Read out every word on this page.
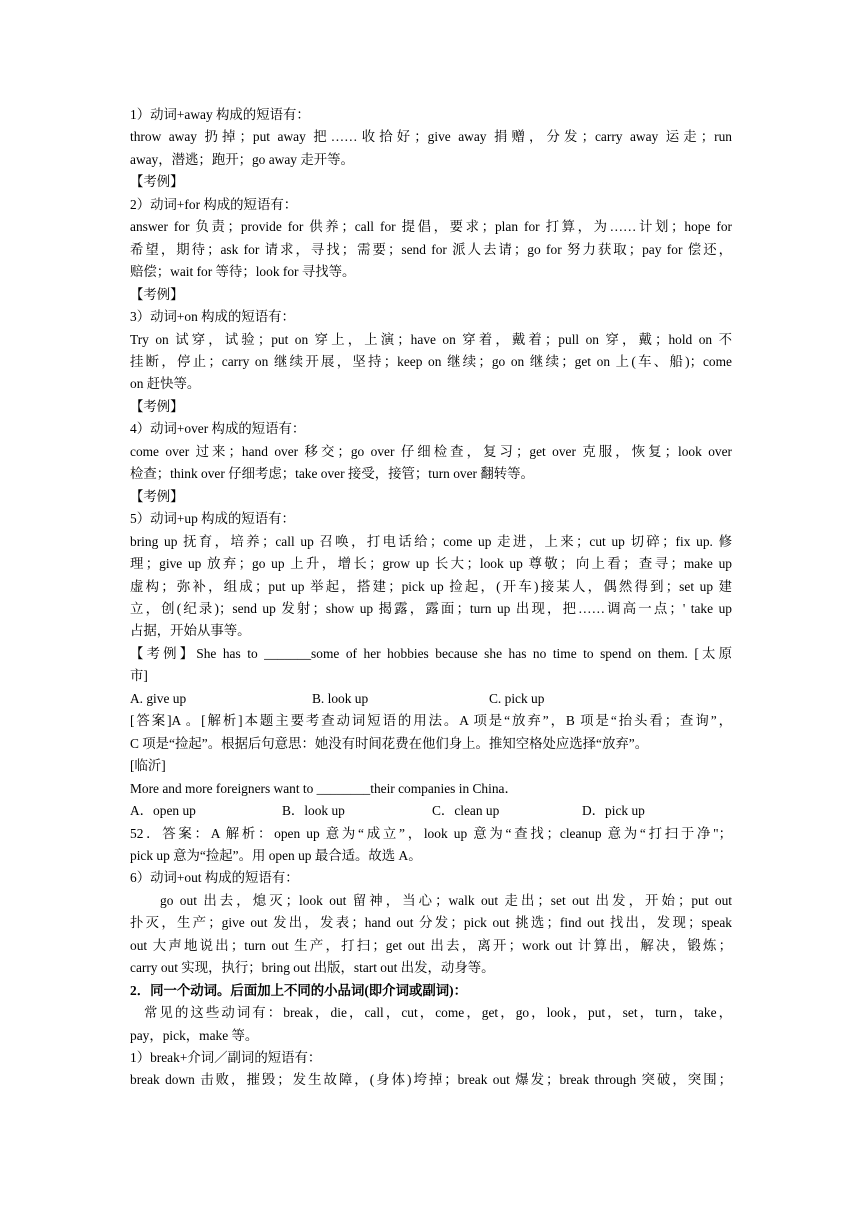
1）动词+away 构成的短语有：
throw away 扔掉；put away 把……收拾好；give away 捐赠，分发；carry away 运走；run
away，潜逃；跑开；go away 走开等。
【考例】
2）动词+for 构成的短语有：
answer for 负责；provide for 供养；call for 提倡，要求；plan for 打算，为……计划；hope for
希望，期待；ask for 请求，寻找；需要；send for 派人去请；go for 努力获取；pay for 偿还，
赔偿；wait for 等待；look for 寻找等。
【考例】
3）动词+on 构成的短语有：
Try on 试穿，试验；put on 穿上，上演；have on 穿着，戴着；pull on 穿，戴；hold on 不
挂断，停止；carry on 继续开展，坚持；keep on 继续；go on 继续；get on 上(车、船)；come
on 赶快等。
【考例】
4）动词+over 构成的短语有：
come over 过来；hand over 移交；go over 仔细检查，复习；get over 克服，恢复；look over
检查；think over 仔细考虑；take over 接受，接管；turn over 翻转等。
【考例】
5）动词+up 构成的短语有：
bring up 抚育，培养；call up 召唤，打电话给；come up 走进，上来；cut up 切碎；fix up. 修
理；give up 放弃；go up 上升，增长；grow up 长大；look up 尊敬；向上看；查寻；make up
虚构；弥补，组成；put up 举起，搭建；pick up 捡起，(开车)接某人，偶然得到；set up 建
立，创(纪录)；send up 发射；show up 揭露，露面；turn up 出现，把……调高一点；' take up
占据，开始从事等。
【考例】She has to _______some of her hobbies because she has no time to spend on them. [太原
市]
A. give up	B. look up	C. pick up
[答案]A 。[解析]本题主要考查动词短语的用法。A 项是“放弃”，B 项是“抬头看；查询”，
C 项是“捡起”。根据后句意思：她没有时间花费在他们身上。推知空格处应选择“放弃”。
[临沂]
More and more foreigners want to ________their companies in China．
A．open up	B．look up	C．clean up	D．pick up
52．答案：A 解析：open up 意为“成立”，look up 意为“查找；cleanup 意为“打扫于净"；
pick up 意为“捡起”。用 open up 最合适。故选 A。
6）动词+out 构成的短语有：
go out 出去，熄灭；look out 留神，当心；walk out 走出；set out 出发，开始；put out
扑灭，生产；give out 发出，发表；hand out 分发；pick out 挑选；find out 找出，发现；speak
out 大声地说出；turn out 生产，打扫；get out 出去，离开；work out 计算出，解决，锻炼；
carry out 实现，执行；bring out 出版，start out 出发，动身等。
2．同一个动词。后面加上不同的小品词(即介词或副词)：
常见的这些动词有：break，die，call，cut，come，get，go，look，put，set，turn，take，
pay，pick，make 等。
1）break+介词／副词的短语有：
break down 击败，摧毁；发生故障，(身体)垮掉；break out 爆发；break through 突破，突围；
